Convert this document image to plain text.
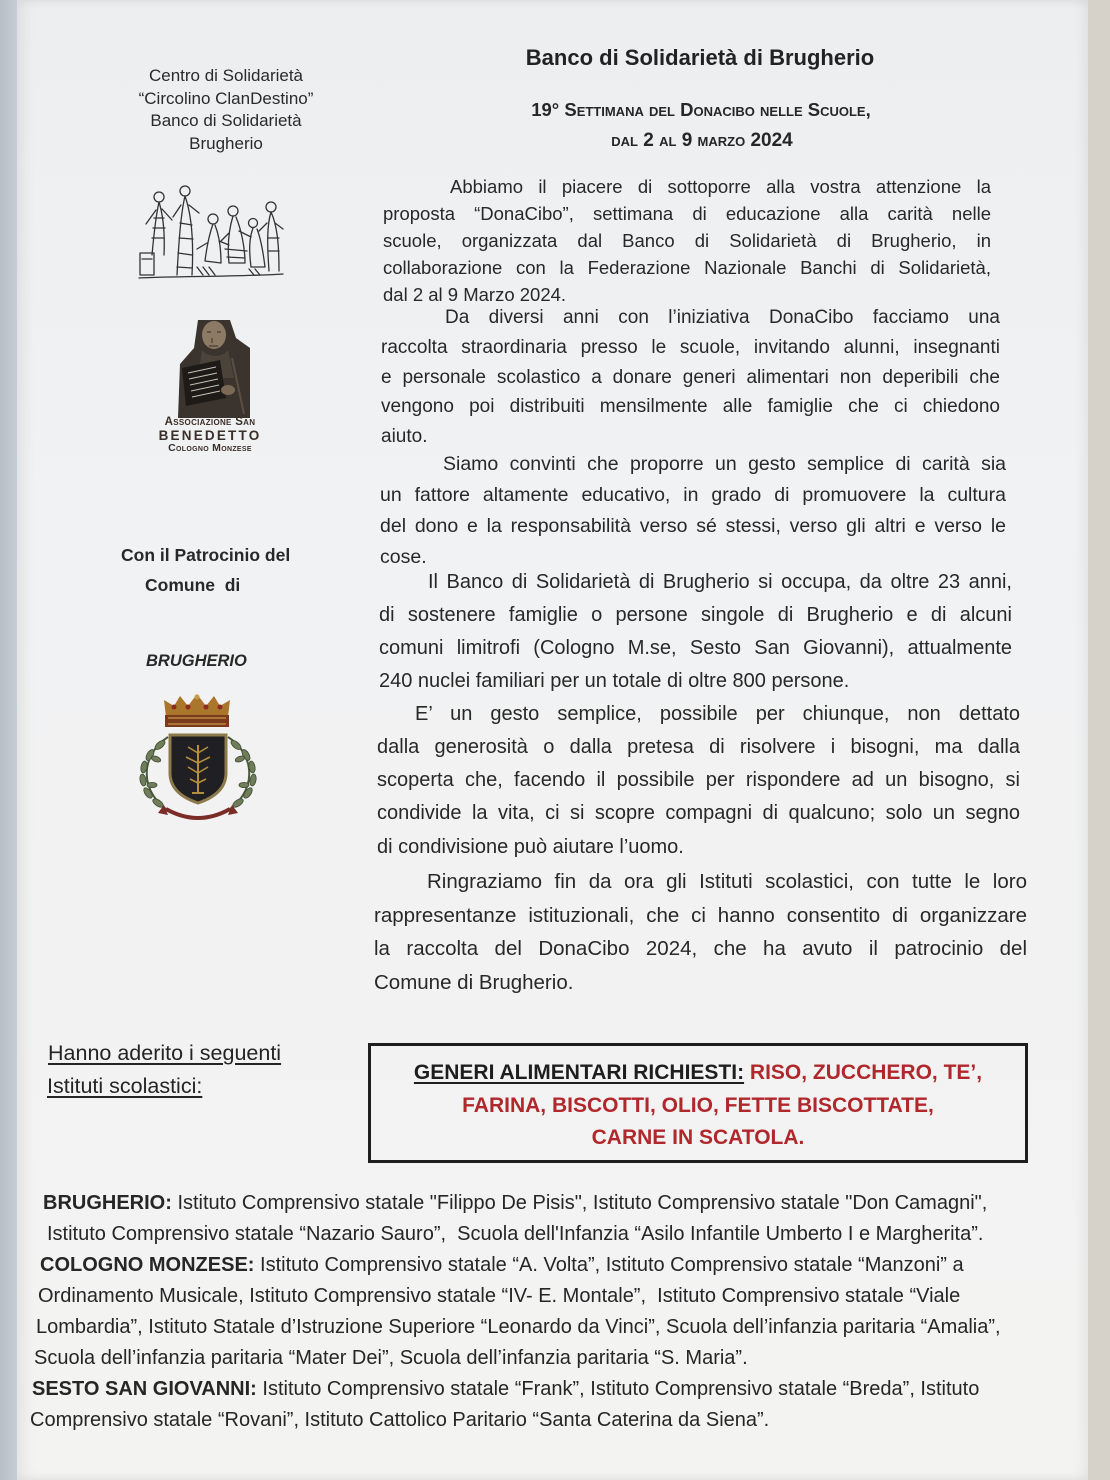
Centro di Solidarietà
“Circolino ClanDestino”
Banco di Solidarietà
Brugherio
Associazione San
BENEDETTO
Cologno Monzese
Con il Patrocinio del
Comune  di
BRUGHERIO
Banco di Solidarietà di Brugherio
19° Settimana del Donacibo nelle Scuole,
dal 2 al 9 marzo 2024
Abbiamo il piacere di sottoporre alla vostra attenzione la
proposta “DonaCibo”, settimana di educazione alla carità nelle
scuole, organizzata dal Banco di Solidarietà di Brugherio, in
collaborazione con la Federazione Nazionale Banchi di Solidarietà,
dal 2 al 9 Marzo 2024.
Da diversi anni con l’iniziativa DonaCibo facciamo una
raccolta straordinaria presso le scuole, invitando alunni, insegnanti
e personale scolastico a donare generi alimentari non deperibili che
vengono poi distribuiti mensilmente alle famiglie che ci chiedono
aiuto.
Siamo convinti che proporre un gesto semplice di carità sia
un fattore altamente educativo, in grado di promuovere la cultura
del dono e la responsabilità verso sé stessi, verso gli altri e verso le
cose.
Il Banco di Solidarietà di Brugherio si occupa, da oltre 23 anni,
di sostenere famiglie o persone singole di Brugherio e di alcuni
comuni limitrofi (Cologno M.se, Sesto San Giovanni), attualmente
240 nuclei familiari per un totale di oltre 800 persone.
E’ un gesto semplice, possibile per chiunque, non dettato
dalla generosità o dalla pretesa di risolvere i bisogni, ma dalla
scoperta che, facendo il possibile per rispondere ad un bisogno, si
condivide la vita, ci si scopre compagni di qualcuno; solo un segno
di condivisione può aiutare l’uomo.
Ringraziamo fin da ora gli Istituti scolastici, con tutte le loro
rappresentanze istituzionali, che ci hanno consentito di organizzare
la raccolta del DonaCibo 2024, che ha avuto il patrocinio del
Comune di Brugherio.
Hanno aderito i seguenti
Istituti scolastici:
GENERI ALIMENTARI RICHIESTI: RISO, ZUCCHERO, TE’,
FARINA, BISCOTTI, OLIO, FETTE BISCOTTATE,
CARNE IN SCATOLA.
BRUGHERIO: Istituto Comprensivo statale "Filippo De Pisis", Istituto Comprensivo statale "Don Camagni",
Istituto Comprensivo statale “Nazario Sauro”,  Scuola dell'Infanzia “Asilo Infantile Umberto I e Margherita”.
COLOGNO MONZESE: Istituto Comprensivo statale “A. Volta”, Istituto Comprensivo statale “Manzoni” a
Ordinamento Musicale, Istituto Comprensivo statale “IV- E. Montale”,  Istituto Comprensivo statale “Viale
Lombardia”, Istituto Statale d’Istruzione Superiore “Leonardo da Vinci”, Scuola dell’infanzia paritaria “Amalia”,
Scuola dell’infanzia paritaria “Mater Dei”, Scuola dell’infanzia paritaria “S. Maria”.
SESTO SAN GIOVANNI: Istituto Comprensivo statale “Frank”, Istituto Comprensivo statale “Breda”, Istituto
Comprensivo statale “Rovani”, Istituto Cattolico Paritario “Santa Caterina da Siena”.
